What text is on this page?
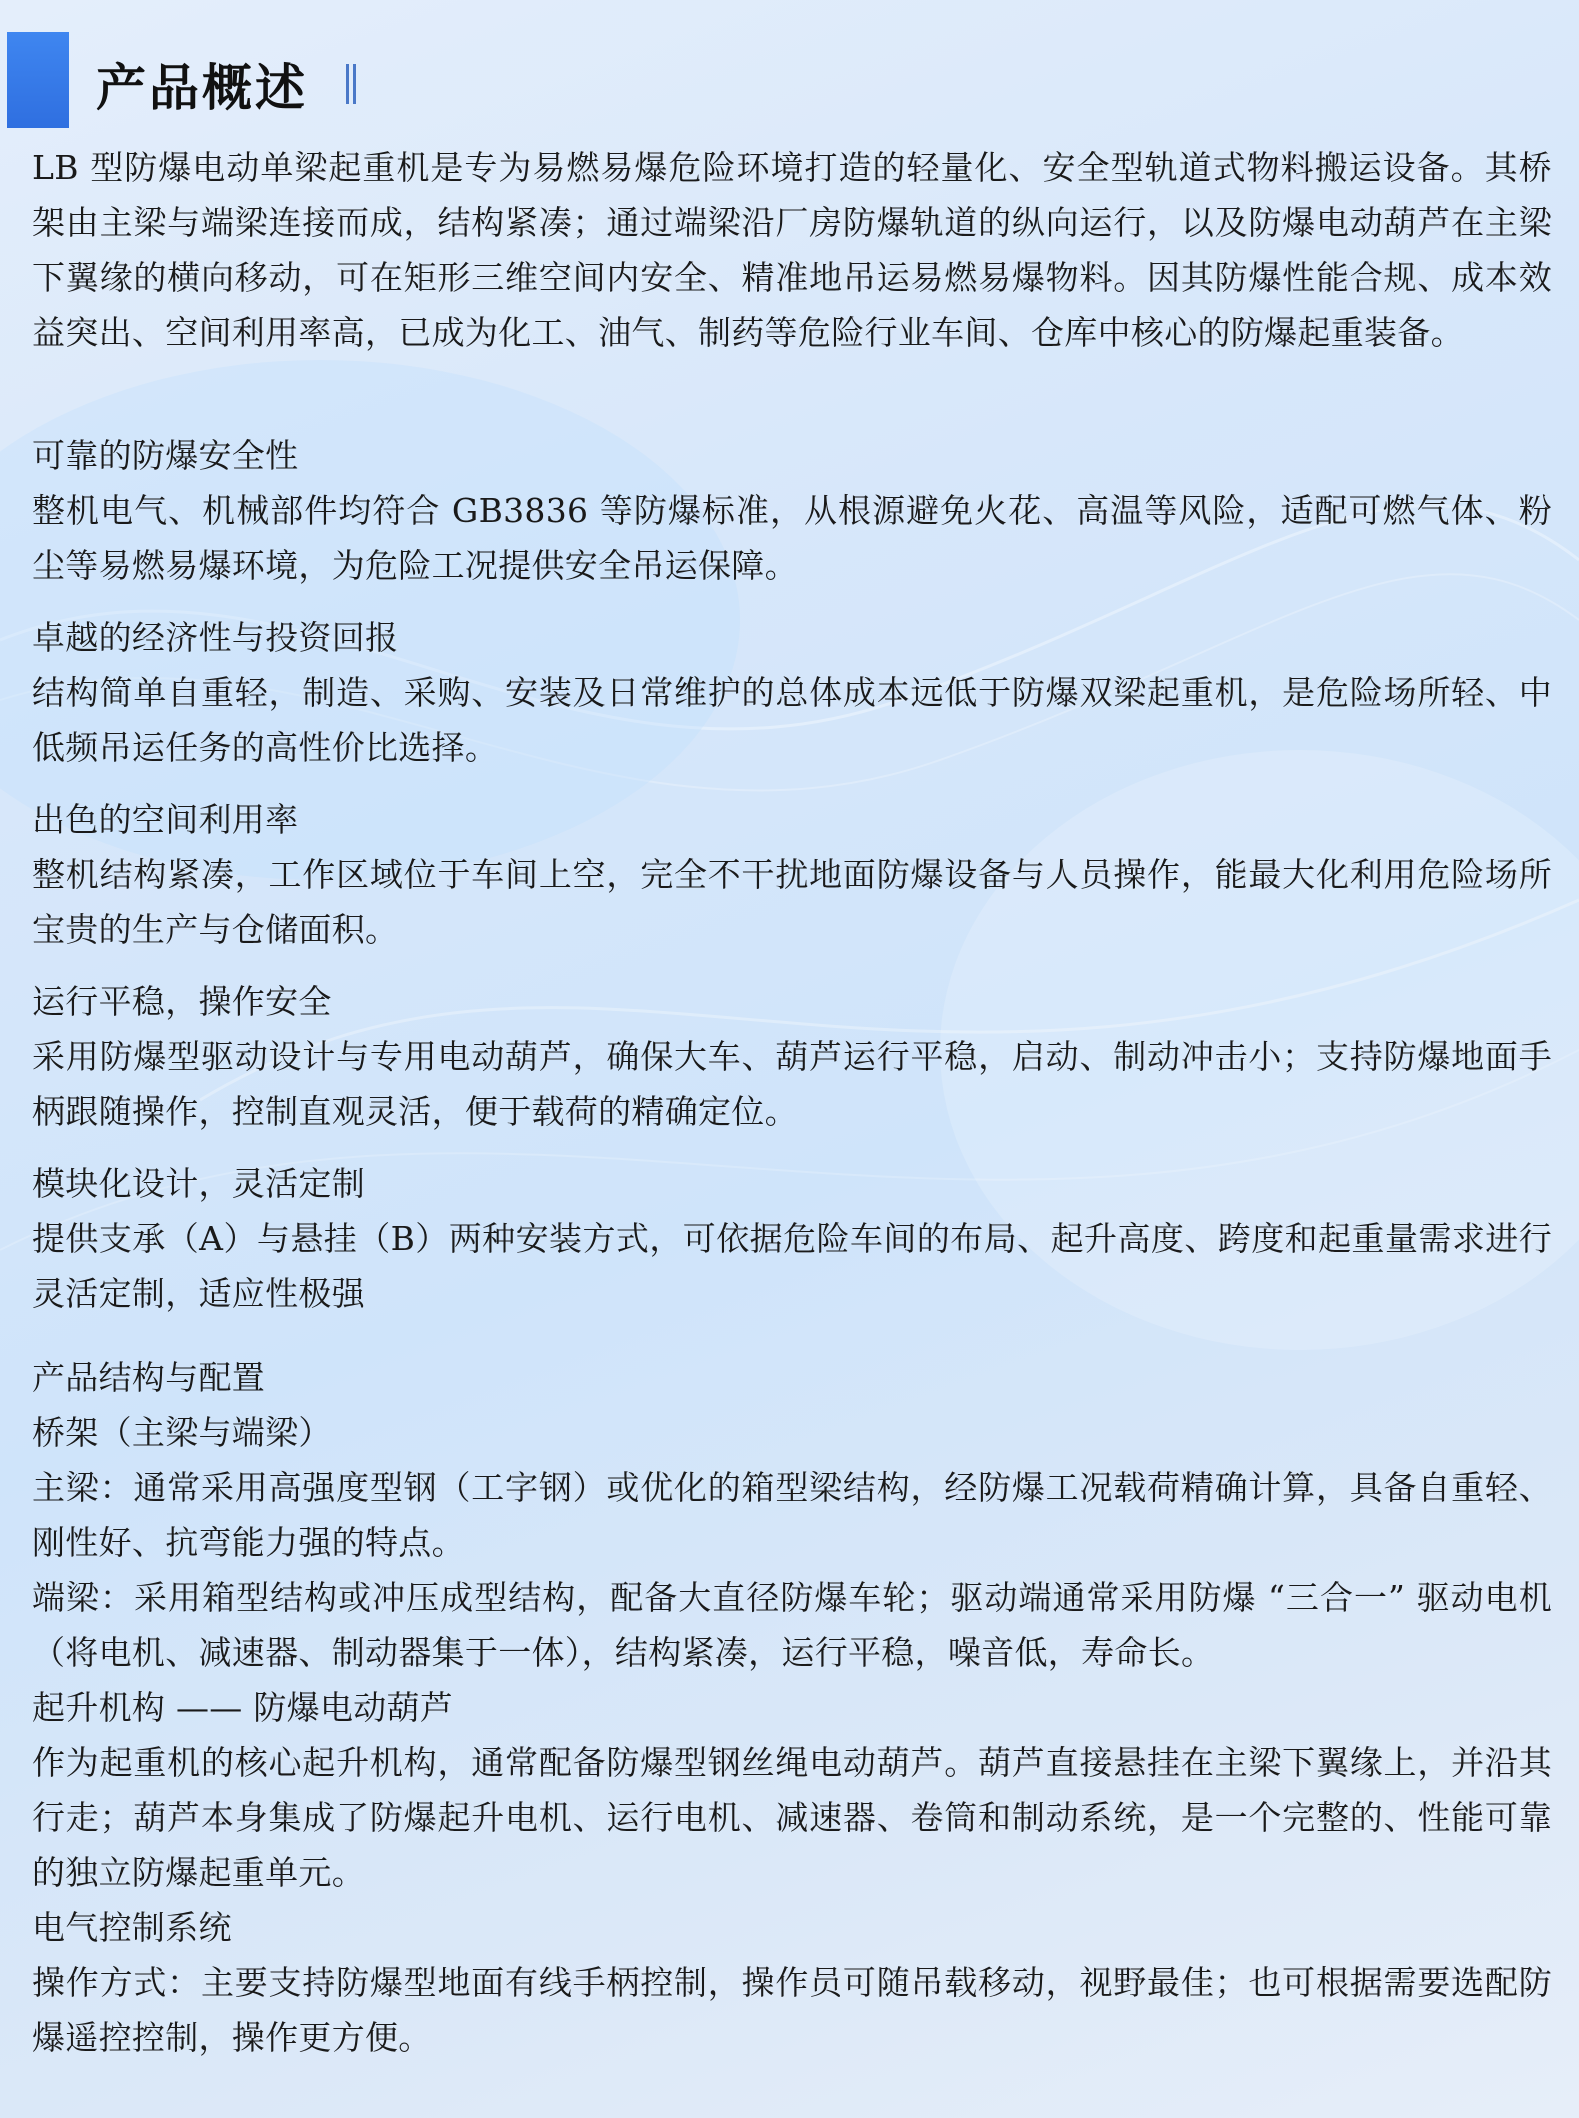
产品概述

LB 型防爆电动单梁起重机是专为易燃易爆危险环境打造的轻量化、安全型轨道式物料搬运设备。其桥架由主梁与端梁连接而成，结构紧凑；通过端梁沿厂房防爆轨道的纵向运行，以及防爆电动葫芦在主梁下翼缘的横向移动，可在矩形三维空间内安全、精准地吊运易燃易爆物料。因其防爆性能合规、成本效益突出、空间利用率高，已成为化工、油气、制药等危险行业车间、仓库中核心的防爆起重装备。

可靠的防爆安全性

整机电气、机械部件均符合 GB3836 等防爆标准，从根源避免火花、高温等风险，适配可燃气体、粉尘等易燃易爆环境，为危险工况提供安全吊运保障。

卓越的经济性与投资回报

结构简单自重轻，制造、采购、安装及日常维护的总体成本远低于防爆双梁起重机，是危险场所轻、中低频吊运任务的高性价比选择。

出色的空间利用率

整机结构紧凑，工作区域位于车间上空，完全不干扰地面防爆设备与人员操作，能最大化利用危险场所宝贵的生产与仓储面积。

运行平稳，操作安全

采用防爆型驱动设计与专用电动葫芦，确保大车、葫芦运行平稳，启动、制动冲击小；支持防爆地面手柄跟随操作，控制直观灵活，便于载荷的精确定位。

模块化设计，灵活定制

提供支承（A）与悬挂（B）两种安装方式，可依据危险车间的布局、起升高度、跨度和起重量需求进行灵活定制，适应性极强

产品结构与配置

桥架（主梁与端梁）

主梁：通常采用高强度型钢（工字钢）或优化的箱型梁结构，经防爆工况载荷精确计算，具备自重轻、刚性好、抗弯能力强的特点。

端梁：采用箱型结构或冲压成型结构，配备大直径防爆车轮；驱动端通常采用防爆 “三合一” 驱动电机（将电机、减速器、制动器集于一体），结构紧凑，运行平稳，噪音低，寿命长。

起升机构 —— 防爆电动葫芦

作为起重机的核心起升机构，通常配备防爆型钢丝绳电动葫芦。葫芦直接悬挂在主梁下翼缘上，并沿其行走；葫芦本身集成了防爆起升电机、运行电机、减速器、卷筒和制动系统，是一个完整的、性能可靠的独立防爆起重单元。

电气控制系统

操作方式：主要支持防爆型地面有线手柄控制，操作员可随吊载移动，视野最佳；也可根据需要选配防爆遥控控制，操作更方便。
